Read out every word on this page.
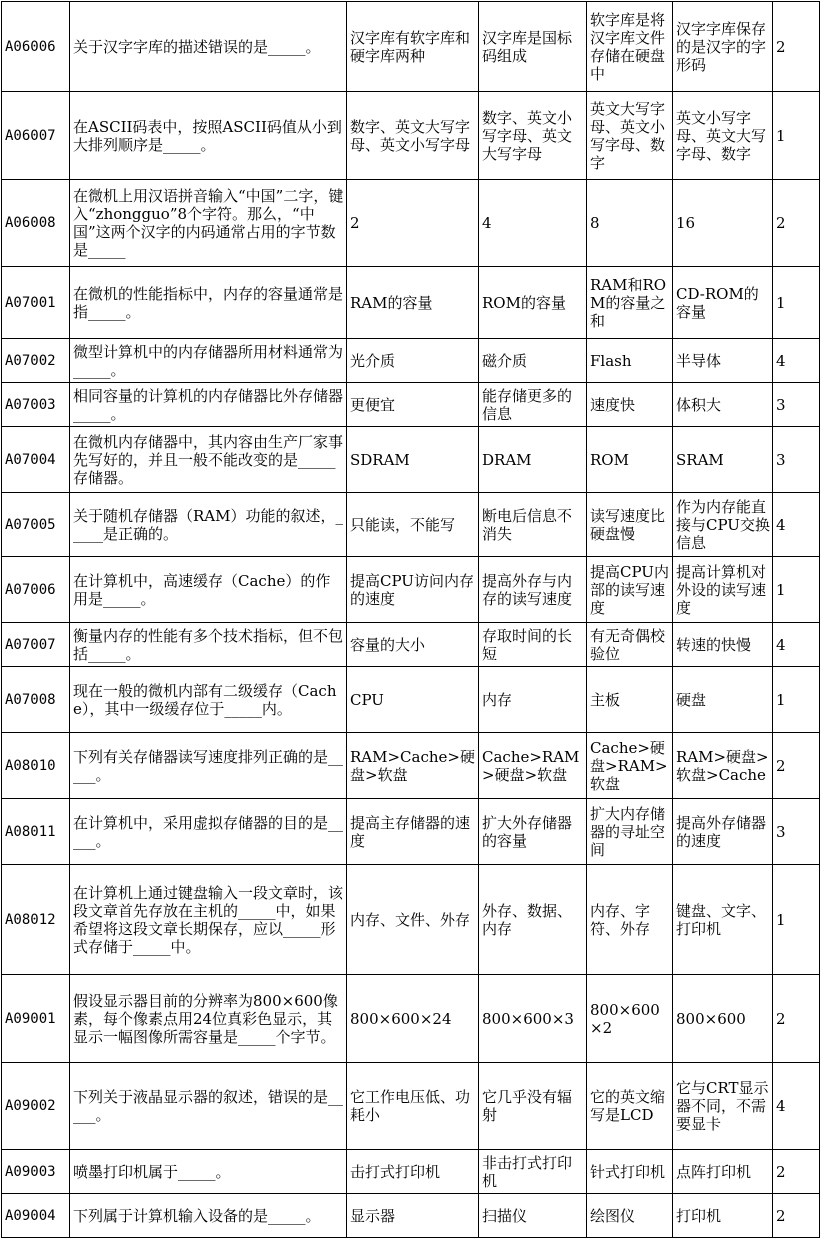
A06006	关于汉字字库的描述错误的是_____。	汉字库有软字库和硬字库两种	汉字库是国标码组成	软字库是将汉字库文件存储在硬盘中	汉字字库保存的是汉字的字形码	2
A06007	在ASCII码表中，按照ASCII码值从小到大排列顺序是_____。	数字、英文大写字母、英文小写字母	数字、英文小写字母、英文大写字母	英文大写字母、英文小写字母、数字	英文小写字母、英文大写字母、数字	1
A06008	在微机上用汉语拼音输入“中国”二字，键入“zhongguo”8个字符。那么，“中国”这两个汉字的内码通常占用的字节数是_____	2	4	8	16	2
A07001	在微机的性能指标中，内存的容量通常是指_____。	RAM的容量	ROM的容量	RAM和ROM的容量之和	CD-ROM的容量	1
A07002	微型计算机中的内存储器所用材料通常为_____。	光介质	磁介质	Flash	半导体	4
A07003	相同容量的计算机的内存储器比外存储器_____。	更便宜	能存储更多的信息	速度快	体积大	3
A07004	在微机内存储器中，其内容由生产厂家事先写好的，并且一般不能改变的是_____存储器。	SDRAM	DRAM	ROM	SRAM	3
A07005	关于随机存储器（RAM）功能的叙述，_____是正确的。	只能读，不能写	断电后信息不消失	读写速度比硬盘慢	作为内存能直接与CPU交换信息	4
A07006	在计算机中，高速缓存（Cache）的作用是_____。	提高CPU访问内存的速度	提高外存与内存的读写速度	提高CPU内部的读写速度	提高计算机对外设的读写速度	1
A07007	衡量内存的性能有多个技术指标，但不包括_____。	容量的大小	存取时间的长短	有无奇偶校验位	转速的快慢	4
A07008	现在一般的微机内部有二级缓存（Cache），其中一级缓存位于_____内。	CPU	内存	主板	硬盘	1
A08010	下列有关存储器读写速度排列正确的是_____。	RAM>Cache>硬盘>软盘	Cache>RAM>硬盘>软盘	Cache>硬盘>RAM>软盘	RAM>硬盘>软盘>Cache	2
A08011	在计算机中，采用虚拟存储器的目的是_____。	提高主存储器的速度	扩大外存储器的容量	扩大内存储器的寻址空间	提高外存储器的速度	3
A08012	在计算机上通过键盘输入一段文章时，该段文章首先存放在主机的_____中，如果希望将这段文章长期保存，应以_____形式存储于_____中。	内存、文件、外存	外存、数据、内存	内存、字符、外存	键盘、文字、打印机	1
A09001	假设显示器目前的分辨率为800×600像素，每个像素点用24位真彩色显示，其显示一幅图像所需容量是_____个字节。	800×600×24	800×600×3	800×600×2	800×600	2
A09002	下列关于液晶显示器的叙述，错误的是_____。	它工作电压低、功耗小	它几乎没有辐射	它的英文缩写是LCD	它与CRT显示器不同，不需要显卡	4
A09003	喷墨打印机属于_____。	击打式打印机	非击打式打印机	针式打印机	点阵打印机	2
A09004	下列属于计算机输入设备的是_____。	显示器	扫描仪	绘图仪	打印机	2
